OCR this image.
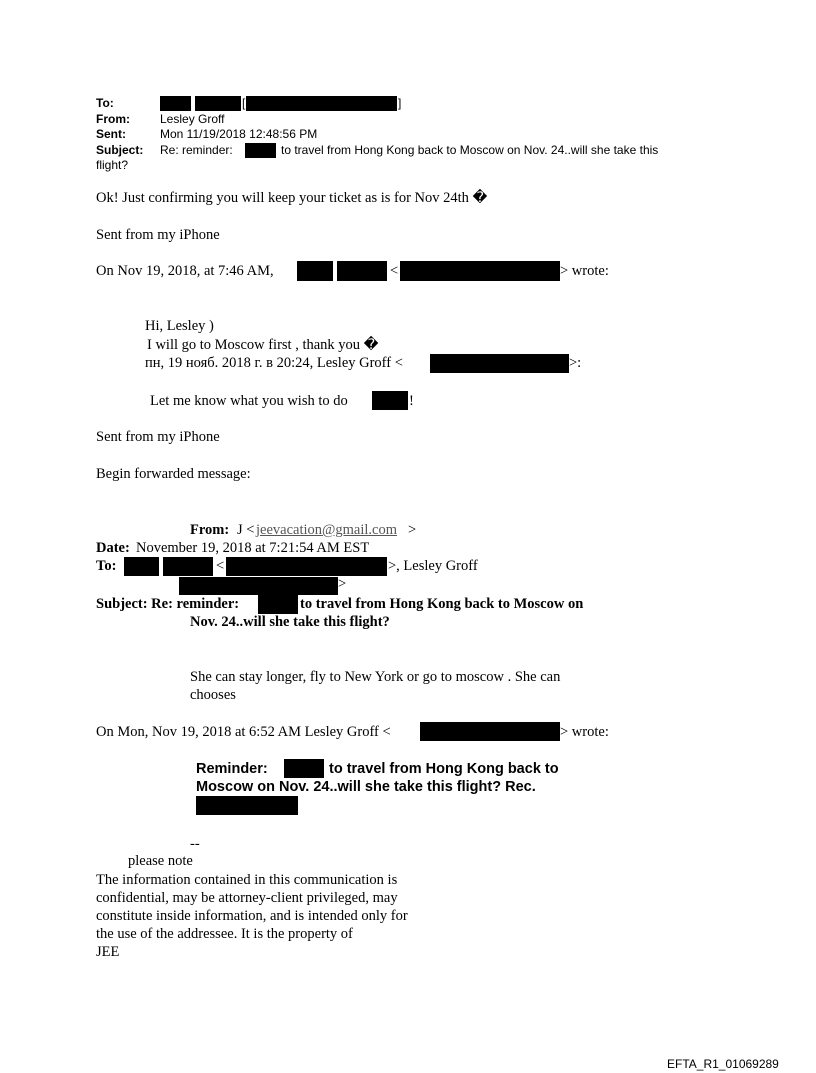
To:	[	]
From:	Lesley Groff
Sent:	Mon 11/19/2018 12:48:56 PM
Subject: Re: reminder:	to travel from Hong Kong back to Moscow on Nov. 24..will she take this
flight?
Ok! Just confirming you will keep your ticket as is for Nov 24th �
Sent from my iPhone
On Nov 19, 2018, at 7:46 AM,	<	> wrote:
Hi, Lesley )
I will go to Moscow first , thank you �
пн, 19 нояб. 2018 г. в 20:24, Lesley Groff <	>:
Let me know what you wish to do	!
Sent from my iPhone
Begin forwarded message:
From: J < jeevacation@gmail.com >
Date: November 19, 2018 at 7:21:54 AM EST
To:	<	>, Lesley Groff
>
Subject: Re: reminder:	to travel from Hong Kong back to Moscow on
Nov. 24..will she take this flight?
She can stay longer, fly to New York or go to moscow . She can
chooses
On Mon, Nov 19, 2018 at 6:52 AM Lesley Groff <	> wrote:
Reminder:	to travel from Hong Kong back to
Moscow on Nov. 24..will she take this flight? Rec.
--
please note
The information contained in this communication is
confidential, may be attorney-client privileged, may
constitute inside information, and is intended only for
the use of the addressee. It is the property of
JEE
EFTA_R1_01069289
